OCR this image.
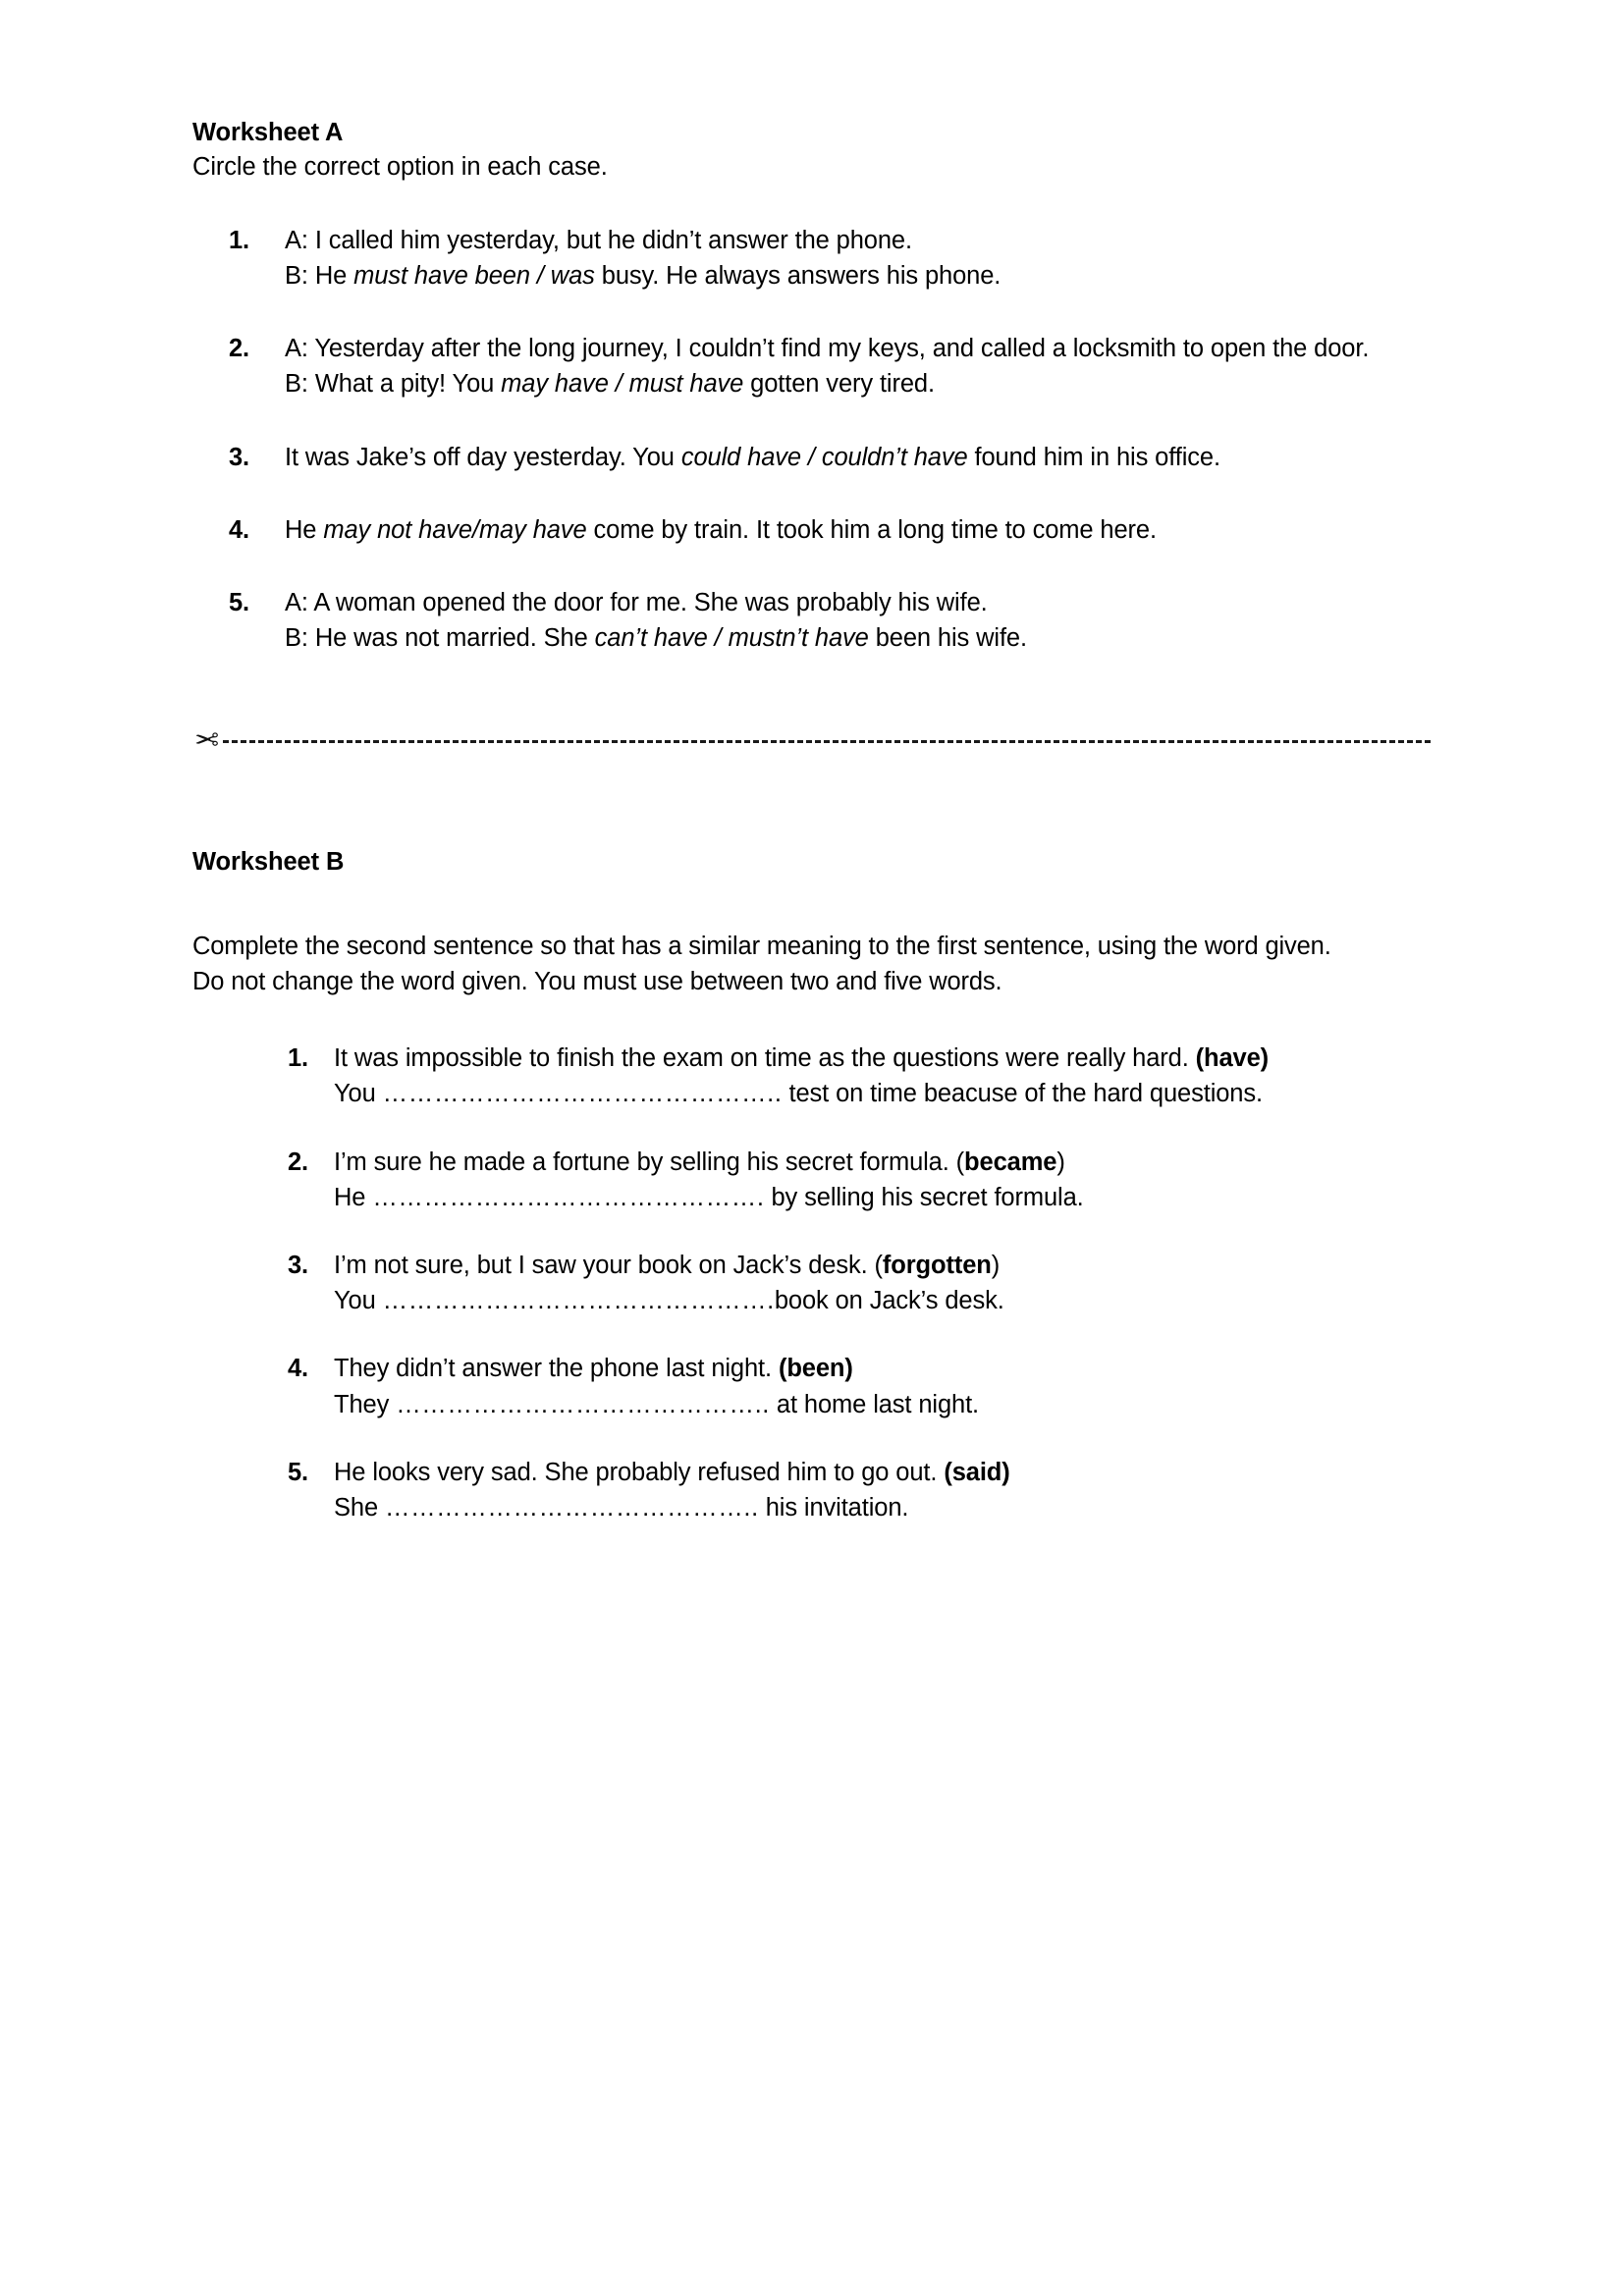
Worksheet A

Circle the correct option in each case.

1. A: I called him yesterday, but he didn’t answer the phone.
B: He must have been / was busy. He always answers his phone.
2. A: Yesterday after the long journey, I couldn’t find my keys, and called a locksmith to open the door.
B: What a pity! You may have / must have gotten very tired.
3. It was Jake’s off day yesterday. You could have / couldn’t have found him in his office.
4. He may not have/may have come by train. It took him a long time to come here.
5. A: A woman opened the door for me. She was probably his wife.
B: He was not married. She can’t have / mustn’t have been his wife.
✂
Worksheet B

Complete the second sentence so that has a similar meaning to the first sentence, using the word given. Do not change the word given. You must use between two and five words.

1. It was impossible to finish the exam on time as the questions were really hard. (have)
You ……………………………………….. test on time beacuse of the hard questions.
2. I’m sure he made a fortune by selling his secret formula. (became)
He ………………………………………. by selling his secret formula.
3. I’m not sure, but I saw your book on Jack’s desk. (forgotten)
You ……………………………………….book on Jack’s desk.
4. They didn’t answer the phone last night. (been)
They …………………………………….. at home last night.
5. He looks very sad. She probably refused him to go out. (said)
She …………………………………….. his invitation.
